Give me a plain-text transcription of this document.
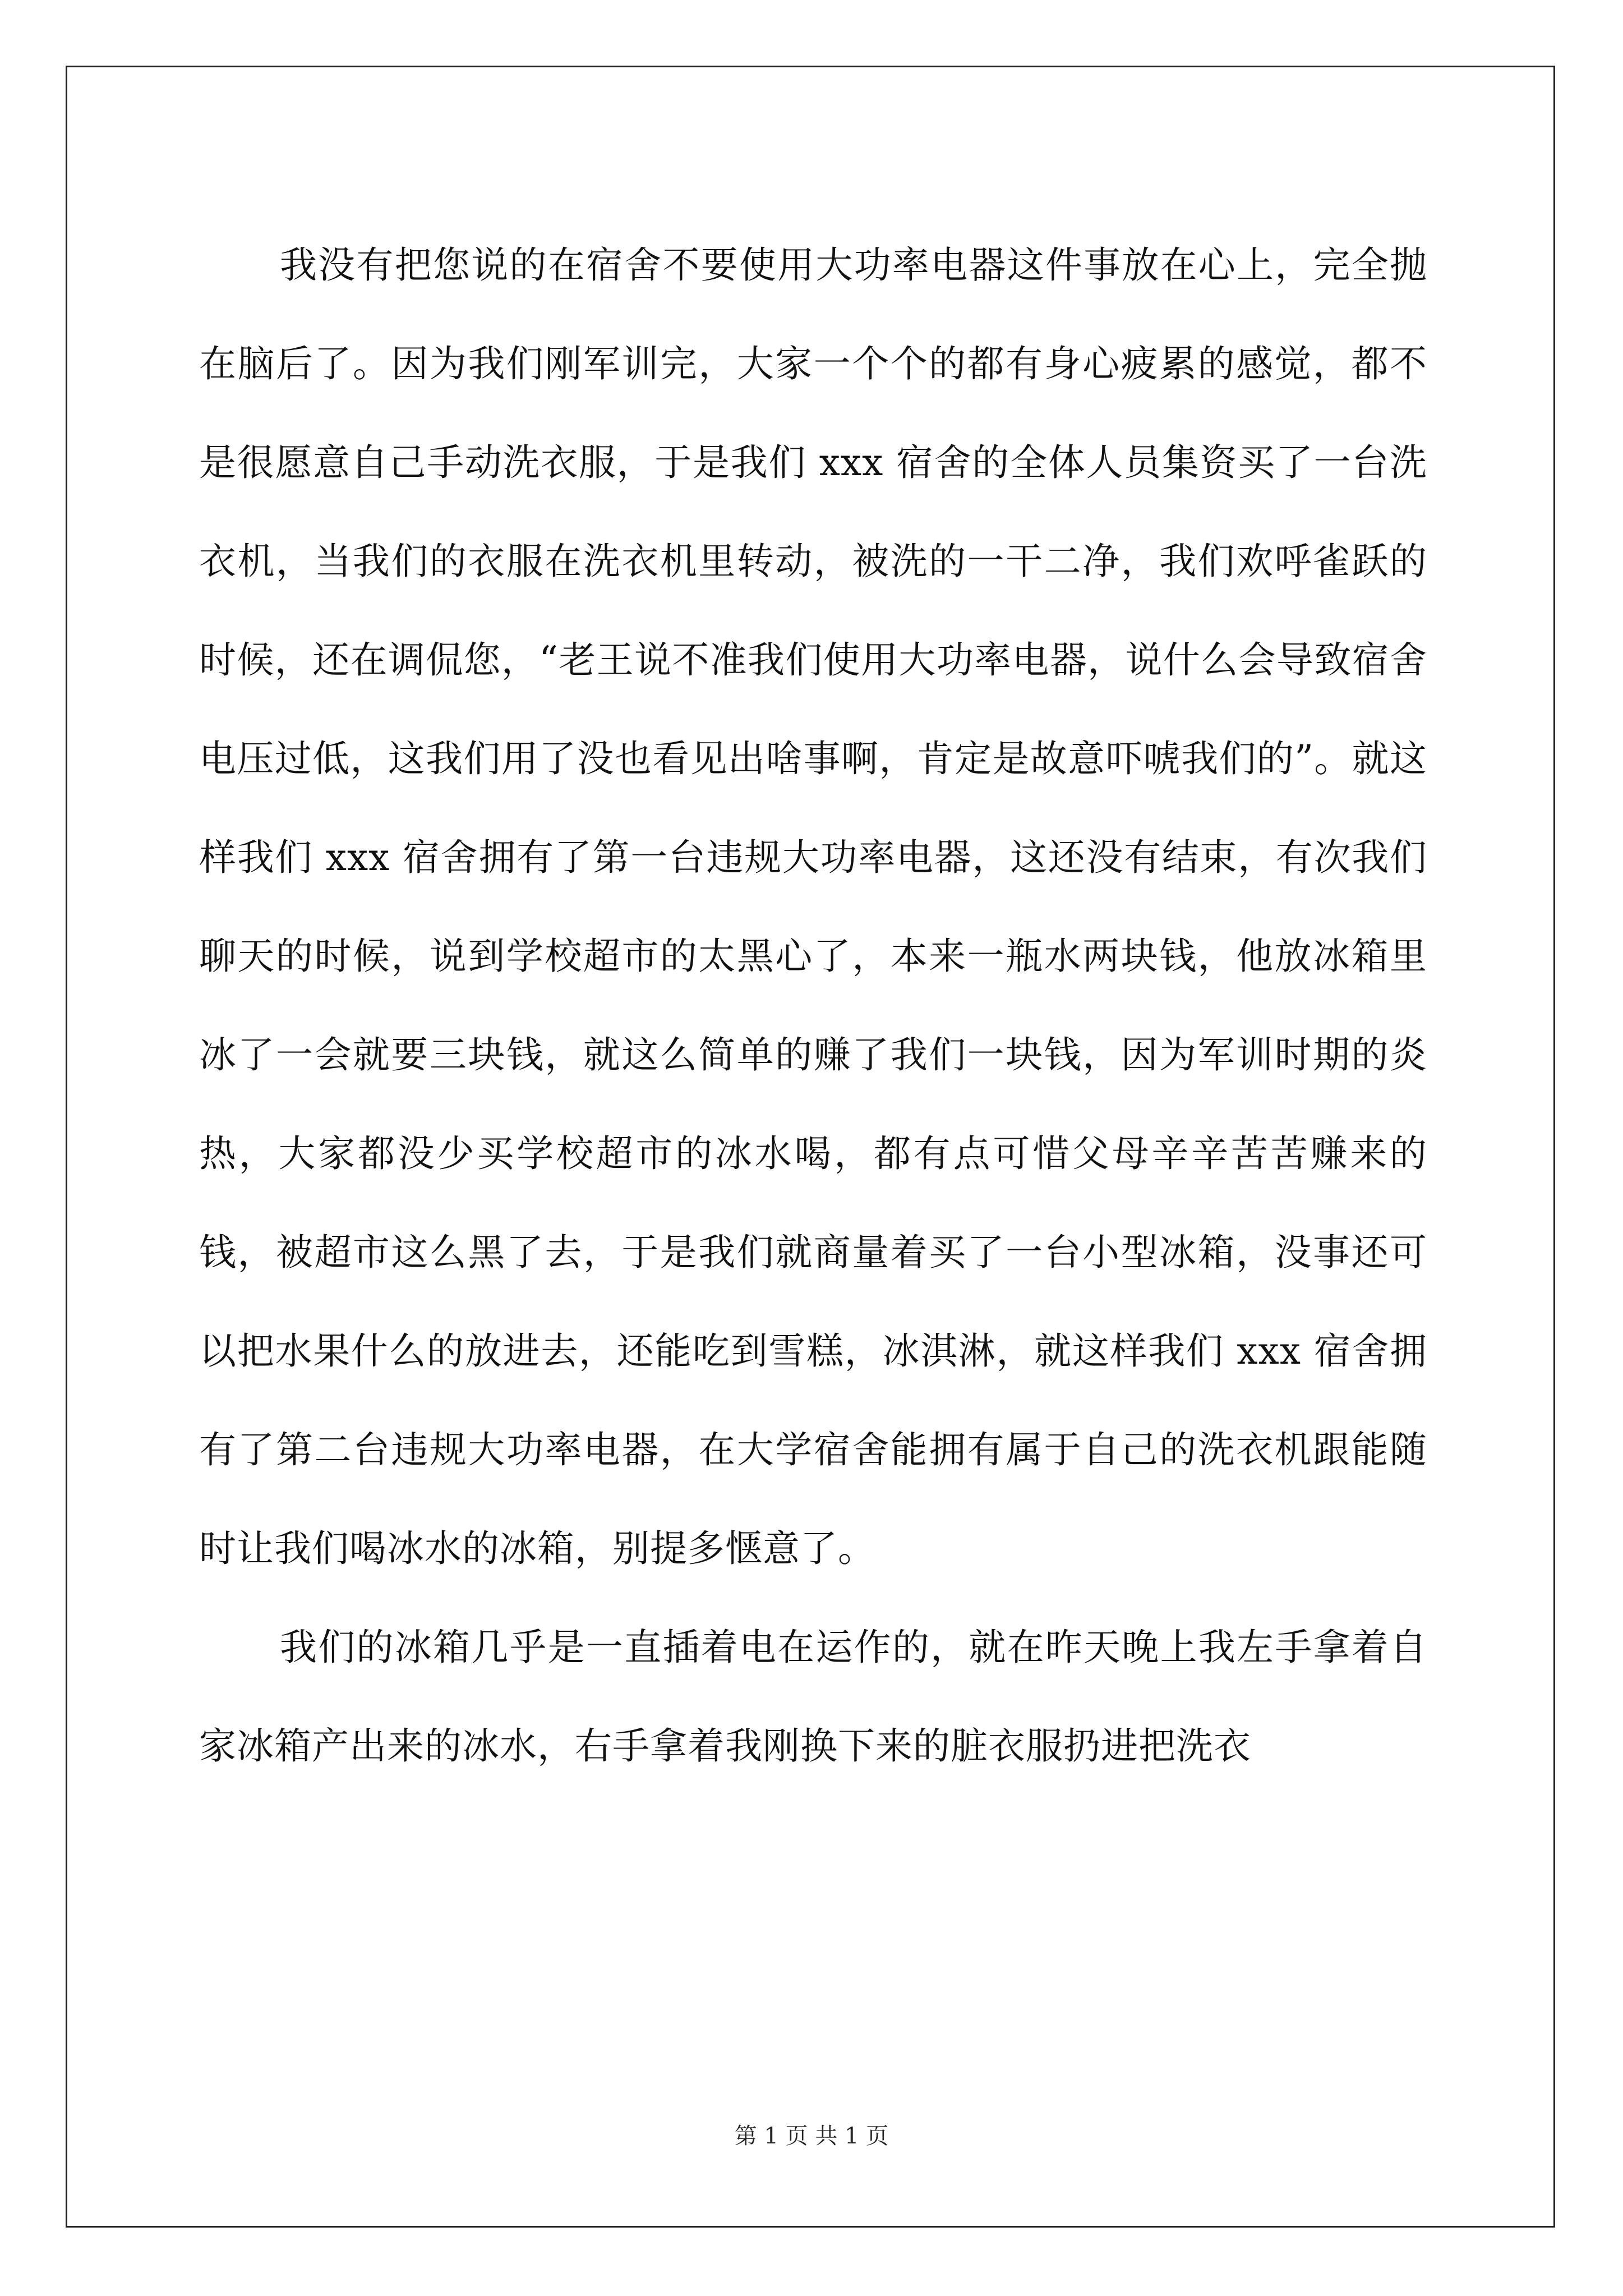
我没有把您说的在宿舍不要使用大功率电器这件事放在心上，完全抛在脑后了。因为我们刚军训完，大家一个个的都有身心疲累的感觉，都不是很愿意自己手动洗衣服，于是我们 xxx 宿舍的全体人员集资买了一台洗衣机，当我们的衣服在洗衣机里转动，被洗的一干二净，我们欢呼雀跃的时候，还在调侃您，“老王说不准我们使用大功率电器，说什么会导致宿舍电压过低，这我们用了没也看见出啥事啊，肯定是故意吓唬我们的”。就这样我们 xxx 宿舍拥有了第一台违规大功率电器，这还没有结束，有次我们聊天的时候，说到学校超市的太黑心了，本来一瓶水两块钱，他放冰箱里冰了一会就要三块钱，就这么简单的赚了我们一块钱，因为军训时期的炎热，大家都没少买学校超市的冰水喝，都有点可惜父母辛辛苦苦赚来的钱，被超市这么黑了去，于是我们就商量着买了一台小型冰箱，没事还可以把水果什么的放进去，还能吃到雪糕，冰淇淋，就这样我们 xxx 宿舍拥有了第二台违规大功率电器，在大学宿舍能拥有属于自己的洗衣机跟能随时让我们喝冰水的冰箱，别提多惬意了。

我们的冰箱几乎是一直插着电在运作的，就在昨天晚上我左手拿着自家冰箱产出来的冰水，右手拿着我刚换下来的脏衣服扔进把洗衣

第 1 页 共 1 页
